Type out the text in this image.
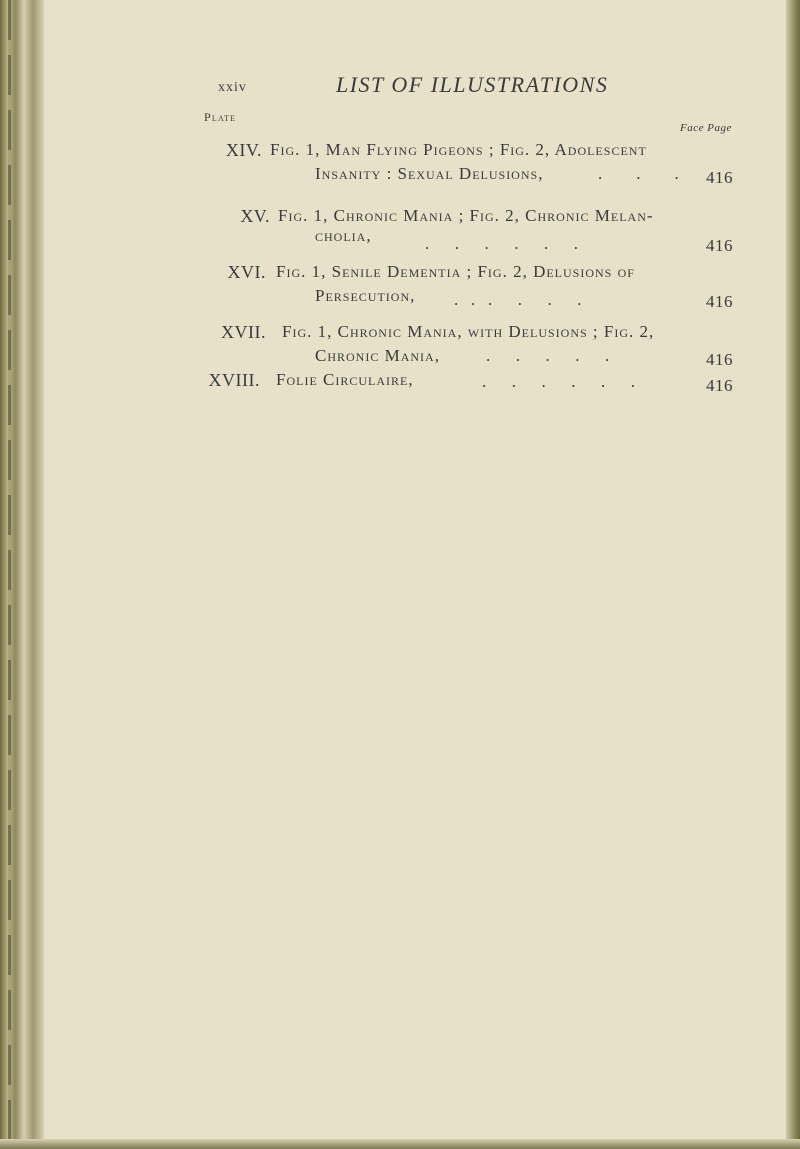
xxiv	LIST OF ILLUSTRATIONS
Plate
Face Page
XIV. Fig. 1, Man Flying Pigeons ; Fig. 2, Adolescent
Insanity : Sexual Delusions,	.        .        . 416
XV. Fig. 1, Chronic Mania ; Fig. 2, Chronic Melan-
cholia,	.      .      .      .      .      .	416
XVI. Fig. 1, Senile Dementia ; Fig. 2, Delusions of
Persecution, .   .   .      .      .      .	416
XVII. Fig. 1, Chronic Mania, with Delusions ; Fig. 2,
Chronic Mania,	.      .      .      .      .	416
XVIII. Folie Circulaire,	.      .      .      .      .      .	416
